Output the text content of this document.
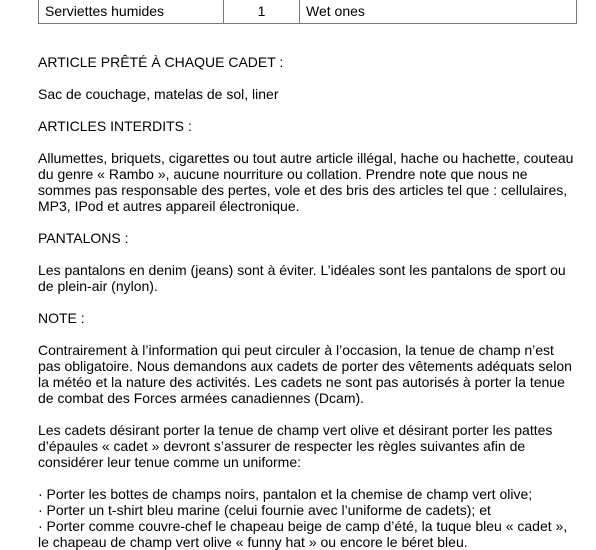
Serviettes humides	1	Wet ones

ARTICLE PRÊTÉ À CHAQUE CADET :

Sac de couchage, matelas de sol, liner

ARTICLES INTERDITS :

Allumettes, briquets, cigarettes ou tout autre article illégal, hache ou hachette, couteau du genre « Rambo », aucune nourriture ou collation. Prendre note que nous ne sommes pas responsable des pertes, vole et des bris des articles tel que : cellulaires, MP3, IPod et autres appareil électronique.

PANTALONS :

Les pantalons en denim (jeans) sont à éviter. L’idéales sont les pantalons de sport ou de plein-air (nylon).

NOTE :

Contrairement à l’information qui peut circuler à l’occasion, la tenue de champ n’est pas obligatoire. Nous demandons aux cadets de porter des vêtements adéquats selon la météo et la nature des activités. Les cadets ne sont pas autorisés à porter la tenue de combat des Forces armées canadiennes (Dcam).

Les cadets désirant porter la tenue de champ vert olive et désirant porter les pattes d’épaules « cadet » devront s’assurer de respecter les règles suivantes afin de considérer leur tenue comme un uniforme:

· Porter les bottes de champs noirs, pantalon et la chemise de champ vert olive;

· Porter un t-shirt bleu marine (celui fournie avec l’uniforme de cadets); et

· Porter comme couvre-chef le chapeau beige de camp d’été, la tuque bleu « cadet », le chapeau de champ vert olive « funny hat » ou encore le béret bleu.
